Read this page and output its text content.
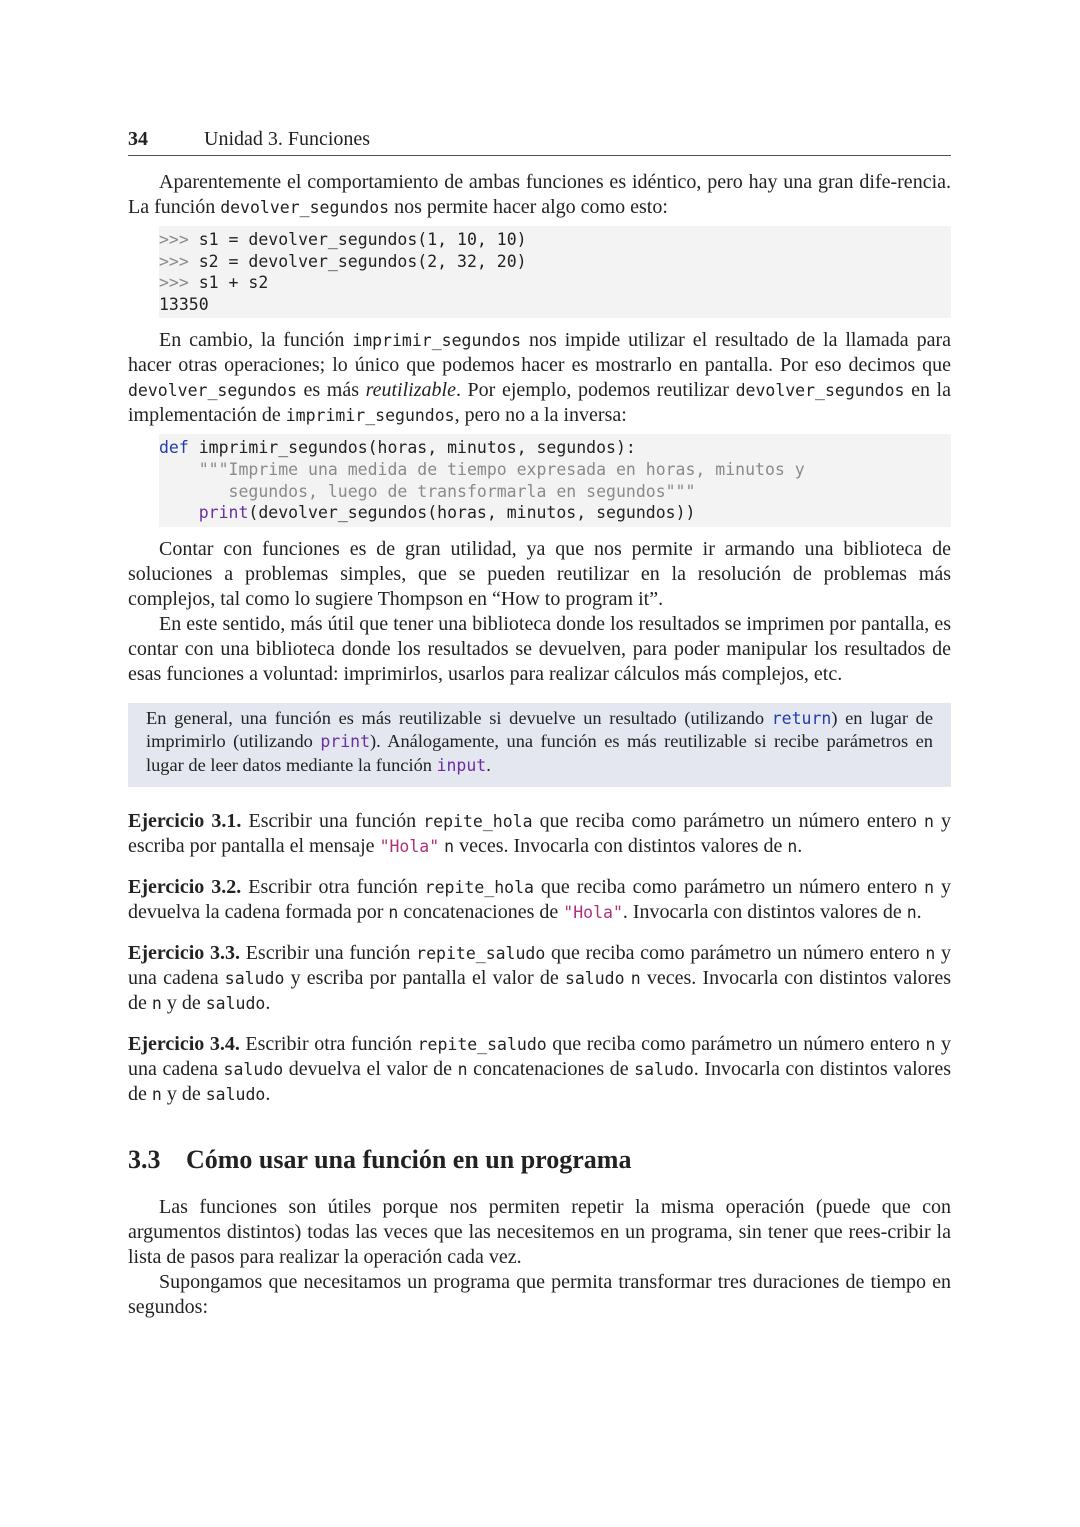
34	Unidad 3. Funciones

Aparentemente el comportamiento de ambas funciones es idéntico, pero hay una gran dife-rencia. La función devolver_segundos nos permite hacer algo como esto:

>>> s1 = devolver_segundos(1, 10, 10)
>>> s2 = devolver_segundos(2, 32, 20)
>>> s1 + s2
13350

En cambio, la función imprimir_segundos nos impide utilizar el resultado de la llamada para hacer otras operaciones; lo único que podemos hacer es mostrarlo en pantalla. Por eso decimos que devolver_segundos es más reutilizable. Por ejemplo, podemos reutilizar devolver_segundos en la implementación de imprimir_segundos, pero no a la inversa:

def imprimir_segundos(horas, minutos, segundos):
"""Imprime una medida de tiempo expresada en horas, minutos y
segundos, luego de transformarla en segundos"""
print(devolver_segundos(horas, minutos, segundos))

Contar con funciones es de gran utilidad, ya que nos permite ir armando una biblioteca de soluciones a problemas simples, que se pueden reutilizar en la resolución de problemas más complejos, tal como lo sugiere Thompson en “How to program it”.

En este sentido, más útil que tener una biblioteca donde los resultados se imprimen por pantalla, es contar con una biblioteca donde los resultados se devuelven, para poder manipular los resultados de esas funciones a voluntad: imprimirlos, usarlos para realizar cálculos más complejos, etc.

En general, una función es más reutilizable si devuelve un resultado (utilizando return) en lugar de imprimirlo (utilizando print). Análogamente, una función es más reutilizable si recibe parámetros en lugar de leer datos mediante la función input.

Ejercicio 3.1. Escribir una función repite_hola que reciba como parámetro un número entero n y escriba por pantalla el mensaje "Hola" n veces. Invocarla con distintos valores de n.

Ejercicio 3.2. Escribir otra función repite_hola que reciba como parámetro un número entero n y devuelva la cadena formada por n concatenaciones de "Hola". Invocarla con distintos valores de n.

Ejercicio 3.3. Escribir una función repite_saludo que reciba como parámetro un número entero n y una cadena saludo y escriba por pantalla el valor de saludo n veces. Invocarla con distintos valores de n y de saludo.

Ejercicio 3.4. Escribir otra función repite_saludo que reciba como parámetro un número entero n y una cadena saludo devuelva el valor de n concatenaciones de saludo. Invocarla con distintos valores de n y de saludo.

3.3 Cómo usar una función en un programa

Las funciones son útiles porque nos permiten repetir la misma operación (puede que con argumentos distintos) todas las veces que las necesitemos en un programa, sin tener que rees-cribir la lista de pasos para realizar la operación cada vez.

Supongamos que necesitamos un programa que permita transformar tres duraciones de tiempo en segundos:
